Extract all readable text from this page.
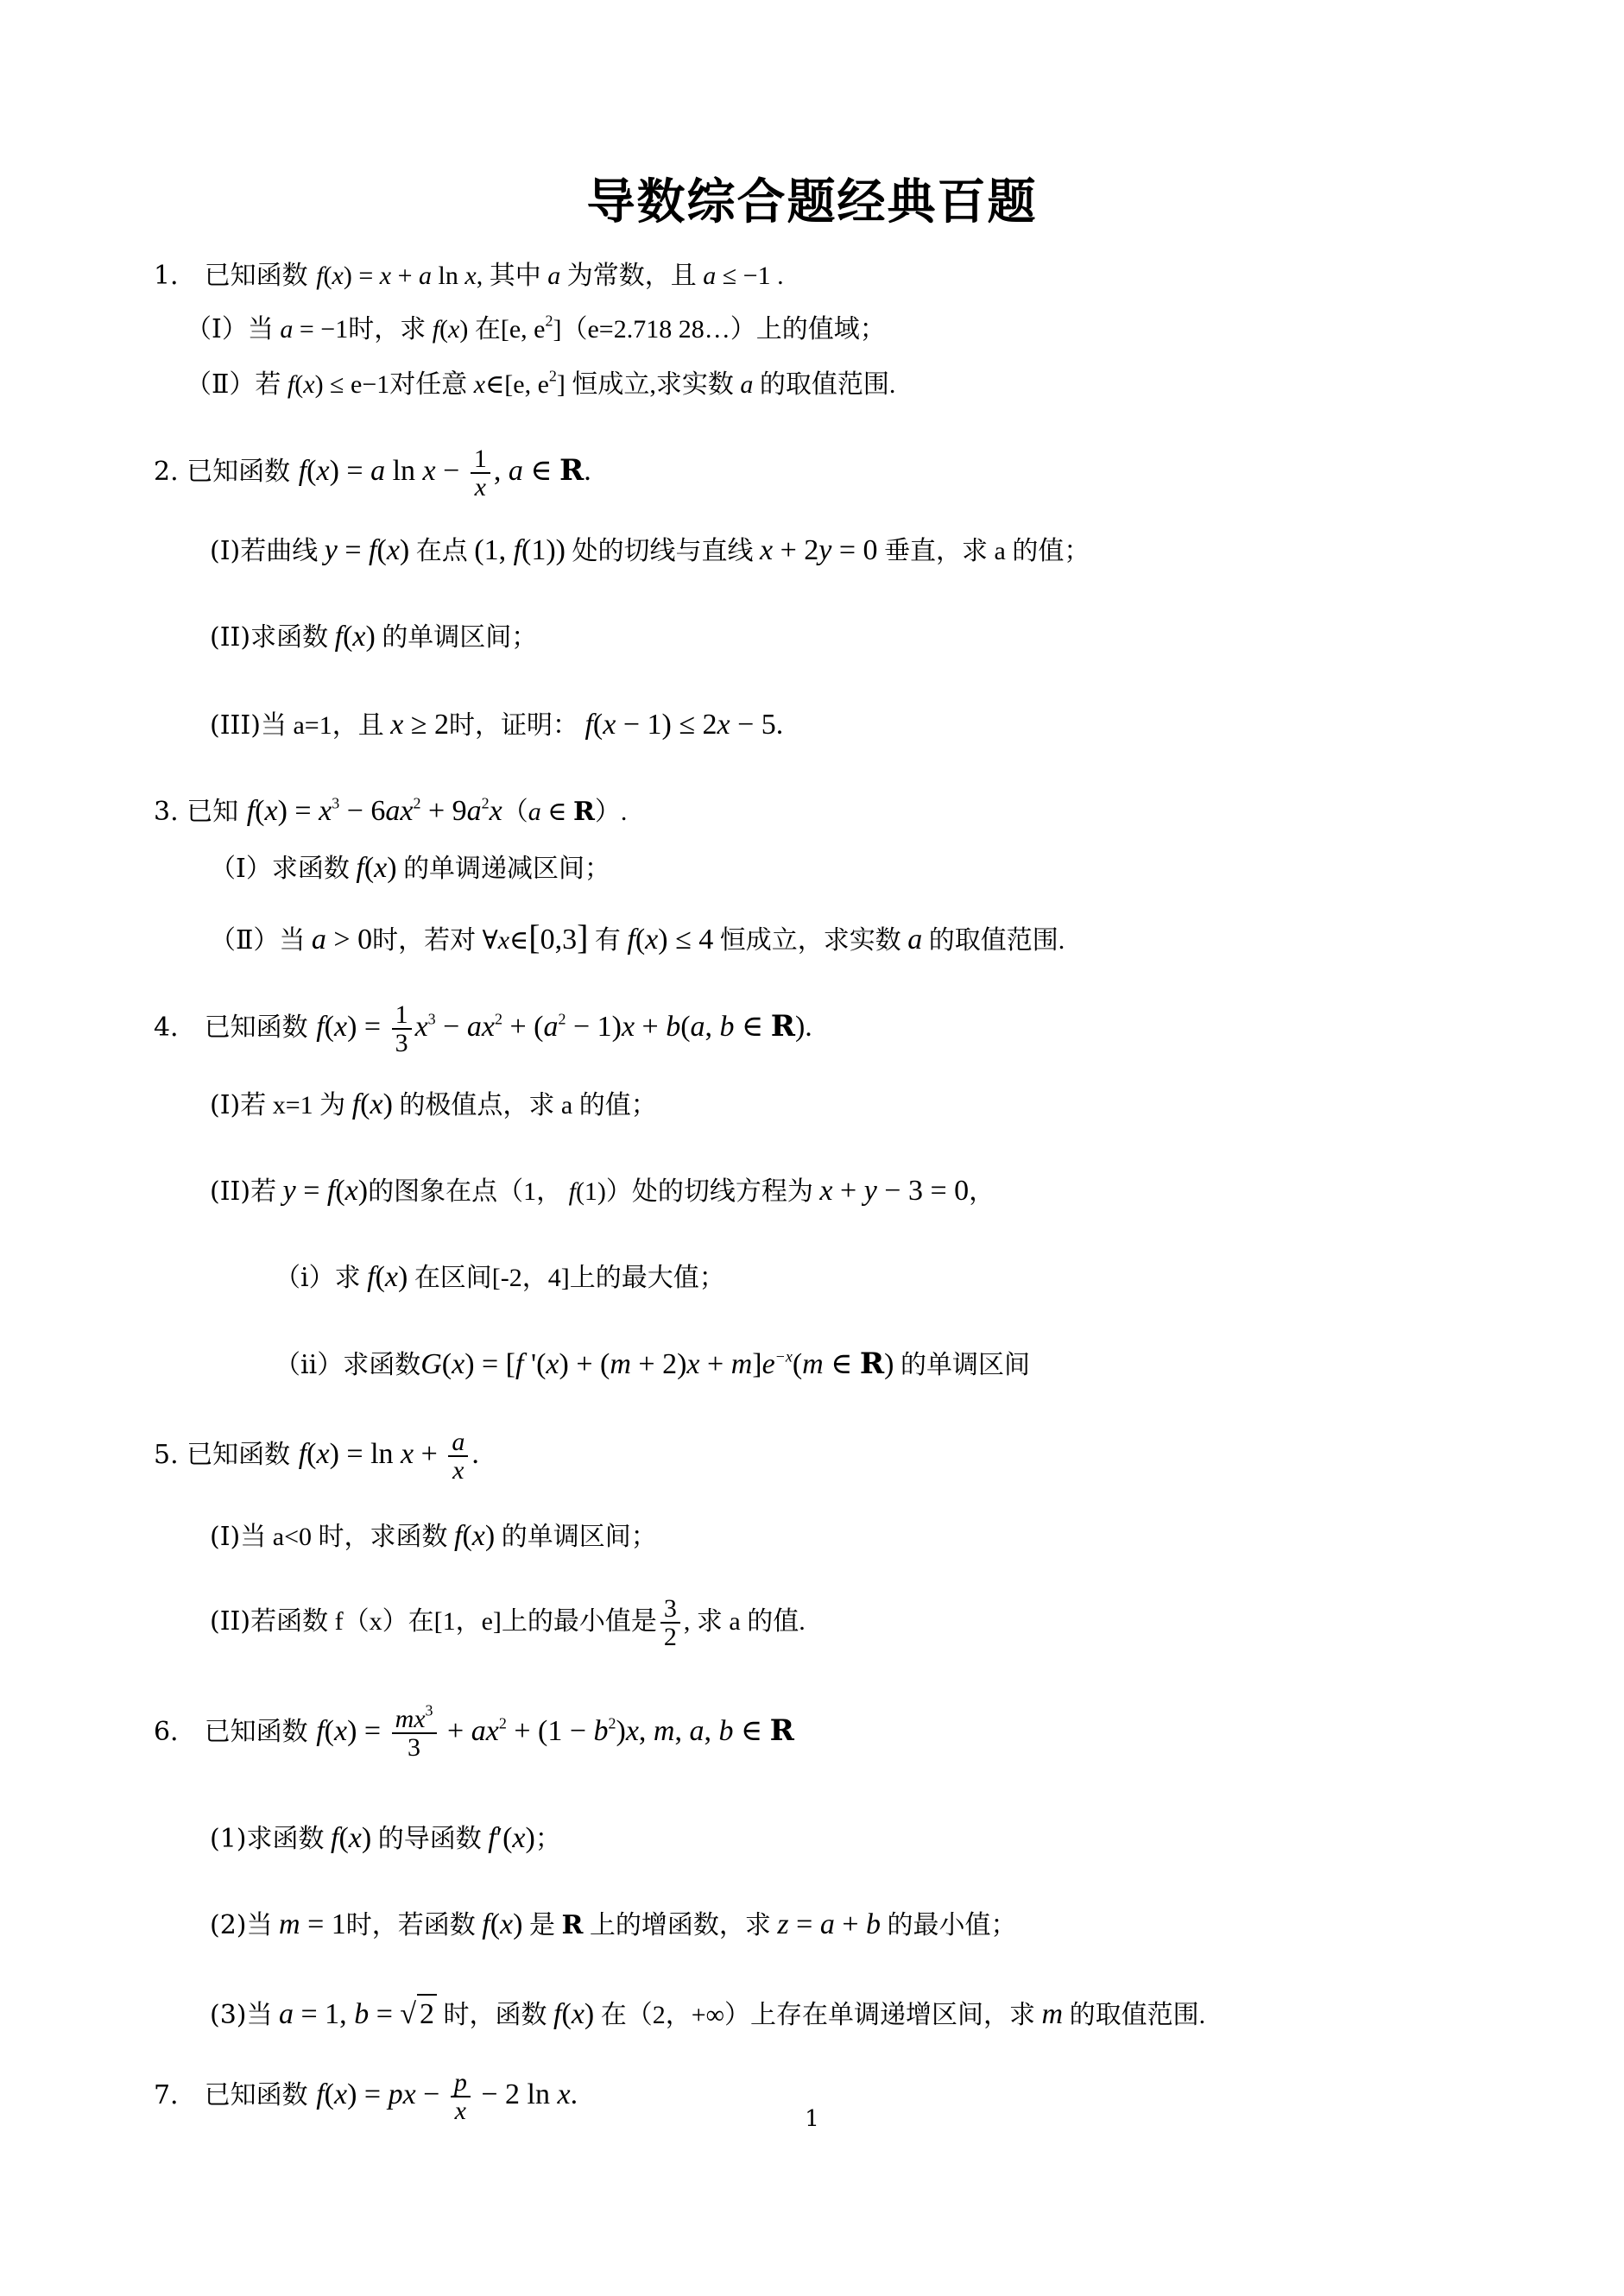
导数综合题经典百题
1． 已知函数 f(x) = x + a ln x, 其中 a 为常数，且 a ≤ −1 .
（Ⅰ）当 a = −1时，求 f(x) 在[e, $e^2](e=2.718$ 28…）上的值域；
（Ⅱ）若 f(x) ≤ e−1对任意 x∈[e, $e^2$] 恒成立,求实数 a 的取值范围.
2. 已知函数 f(x) = a $\ln x - \frac{1}{x}$ , a ∈ R.
(I)若曲线 y = f(x) 在点 (1, f(1)) 处的切线与直线 x + 2y = 0 垂直，求 a 的值；
(II)求函数 f(x) 的单调区间；
(III)当 a=1，且 x ≥ 2时，证明： f(x − 1) ≤ 2x − 5.
3. 已知 $f(x) = x^3 - 6ax^2 + 9a^2x(a$ ∈ R）.
（Ⅰ）求函数 f(x) 的单调递减区间；
（Ⅱ）当 a > 0时，若对 ∀x∈[0,3] 有 f(x) ≤ 4 恒成立，求实数 a 的取值范围.
4． 已知函数 $f(x) = \frac{1}{3} x^3 - ax^2 + (a^2 - 1)x + b(a$, b ∈ R).
(I)若 x=1 为 f(x) 的极值点，求 a 的值；
(II)若 y = f(x)的图象在点（1， f(1)）处的切线方程为 x + y − 3 = 0，
（i）求 f(x) 在区间[-2，4]上的最大值；
（ii）求函数G(x) = [f '$(x) + (m + 2)x + m]e^{-x}(m$ ∈ R) 的单调区间
5. 已知函数 $f(x) = \ln x + \frac{a}{x}$ .
(I)当 a<0 时，求函数 f(x) 的单调区间；
(II)若函数 f（x）在[1，e]上的最小值是 $\frac{3}{2}$ , 求 a 的值.
6． 已知函数 $f(x) = \frac{mx^3}{3} + ax^2 + (1 - b^2)x$, m, a, b ∈ R
(1)求函数 f(x) 的导函数 f′(x)；
(2)当 m = 1时，若函数 f(x) 是 R 上的增函数，求 z = a + b 的最小值；
(3)当 a = 1, b = √ 2 时，函数 f(x) 在（2，+∞）上存在单调递增区间，求 m 的取值范围.
7． 已知函数 f(x) = px − $\frac{p}{x} - 2$ ln x.
1
